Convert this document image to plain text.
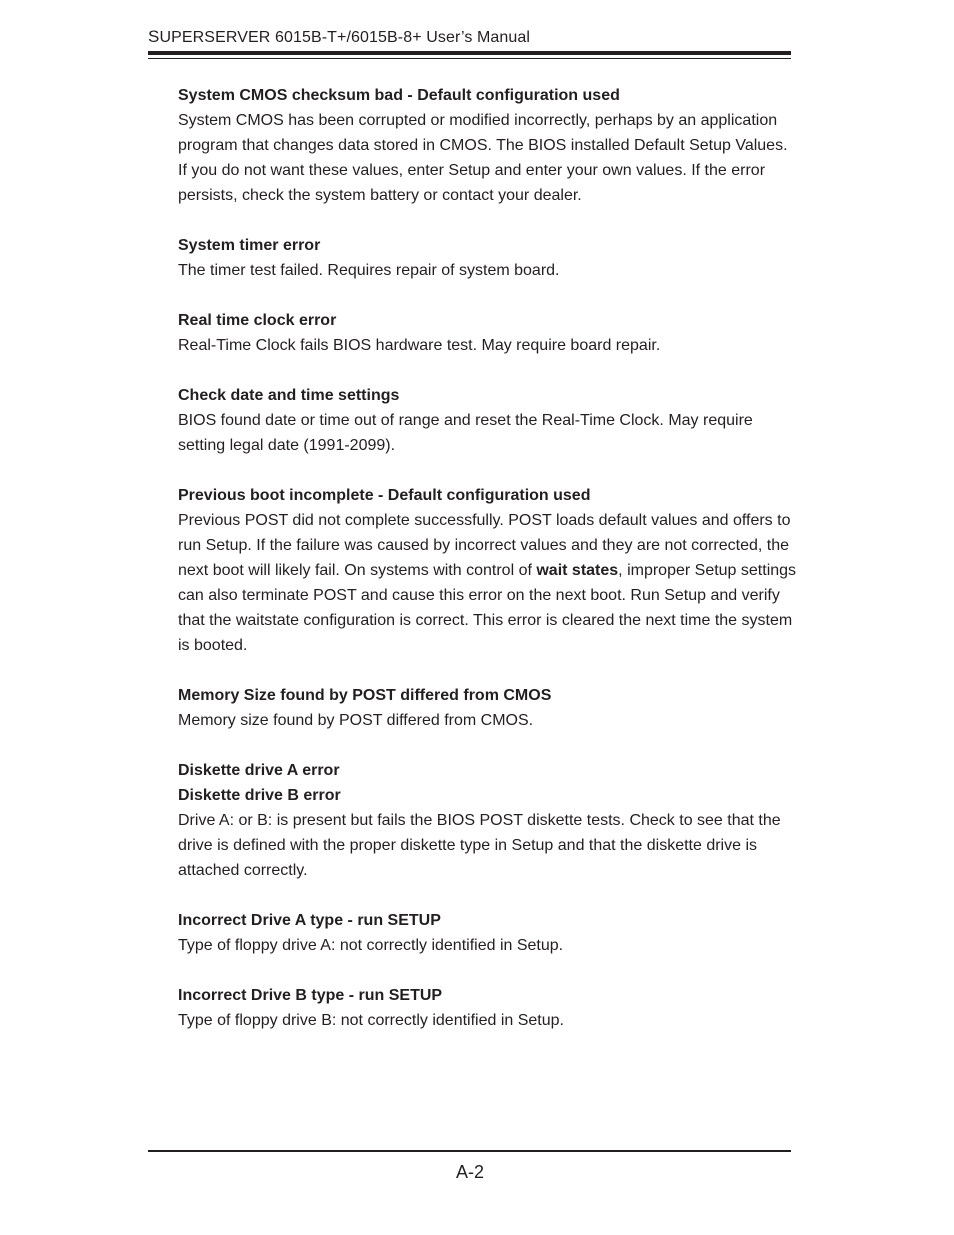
SUPERSERVER 6015B-T+/6015B-8+ User’s Manual
System CMOS checksum bad - Default configuration used

System CMOS has been corrupted or modified incorrectly, perhaps by an application program that changes data stored in CMOS. The BIOS installed Default Setup Values. If you do not want these values, enter Setup and enter your own values. If the error persists, check the system battery or contact your dealer.

System timer error

The timer test failed. Requires repair of system board.

Real time clock error

Real-Time Clock fails BIOS hardware test. May require board repair.

Check date and time settings

BIOS found date or time out of range and reset the Real-Time Clock. May require setting legal date (1991-2099).

Previous boot incomplete - Default configuration used

Previous POST did not complete successfully. POST loads default values and offers to run Setup. If the failure was caused by incorrect values and they are not corrected, the next boot will likely fail. On systems with control of wait states, improper Setup settings can also terminate POST and cause this error on the next boot. Run Setup and verify that the waitstate configuration is correct. This error is cleared the next time the system is booted.

Memory Size found by POST differed from CMOS

Memory size found by POST differed from CMOS.

Diskette drive A error
Diskette drive B error

Drive A: or B: is present but fails the BIOS POST diskette tests. Check to see that the drive is defined with the proper diskette type in Setup and that the diskette drive is attached correctly.

Incorrect Drive A type - run SETUP

Type of floppy drive A: not correctly identified in Setup.

Incorrect Drive B type - run SETUP

Type of floppy drive B: not correctly identified in Setup.

A-2
